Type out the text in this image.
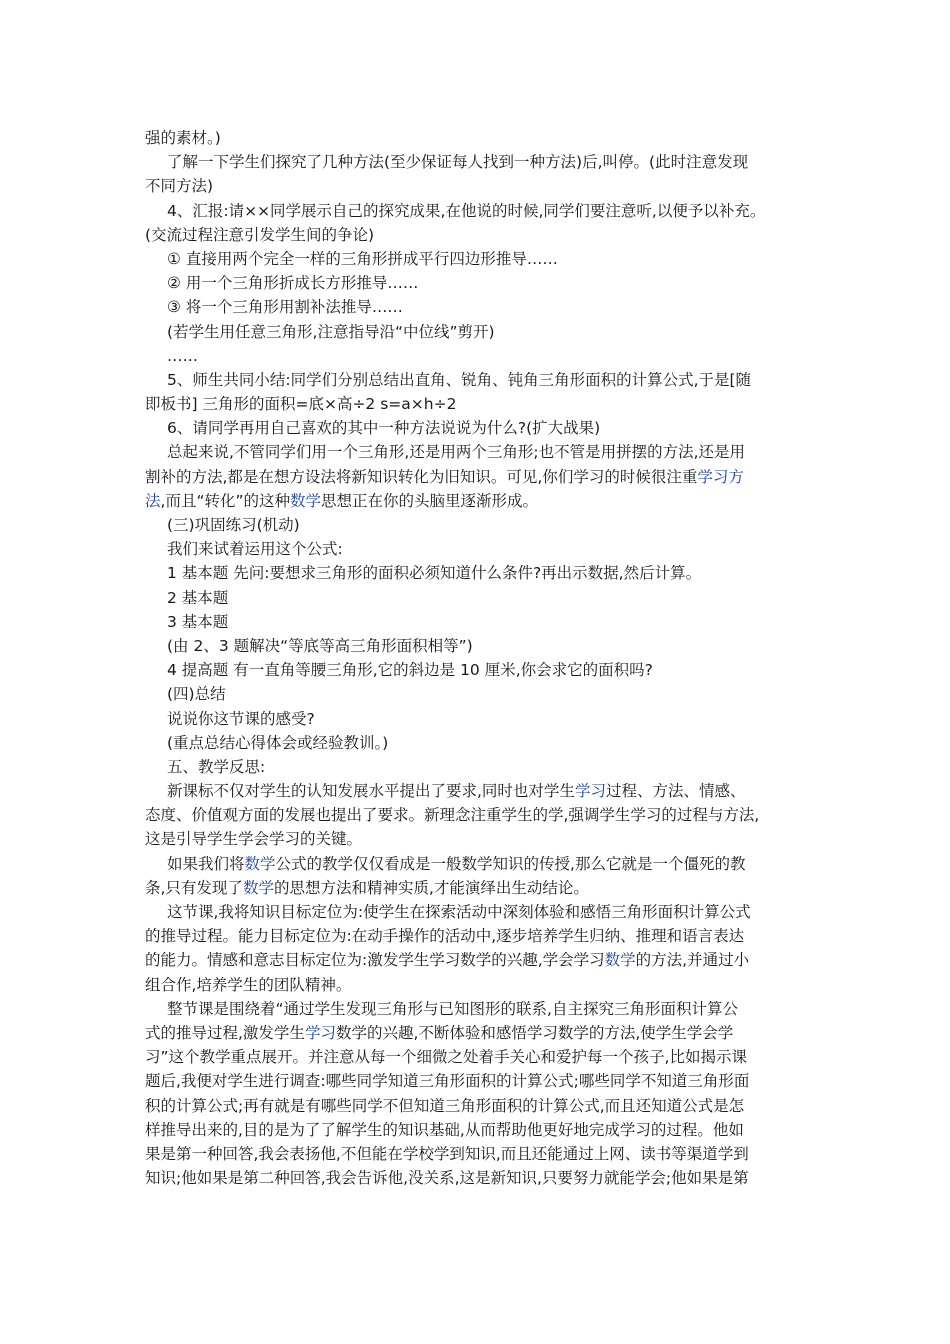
强的素材。)
了解一下学生们探究了几种方法(至少保证每人找到一种方法)后,叫停。(此时注意发现
不同方法)
4、汇报:请××同学展示自己的探究成果,在他说的时候,同学们要注意听,以便予以补充。
(交流过程注意引发学生间的争论)
① 直接用两个完全一样的三角形拼成平行四边形推导……
② 用一个三角形折成长方形推导……
③ 将一个三角形用割补法推导……
(若学生用任意三角形,注意指导沿“中位线”剪开)
……
5、师生共同小结:同学们分别总结出直角、锐角、钝角三角形面积的计算公式,于是[随
即板书] 三角形的面积=底×高÷2 s=a×h÷2
6、请同学再用自己喜欢的其中一种方法说说为什么?(扩大战果)
总起来说,不管同学们用一个三角形,还是用两个三角形;也不管是用拼摆的方法,还是用
割补的方法,都是在想方设法将新知识转化为旧知识。可见,你们学习的时候很注重学习方
法,而且“转化”的这种数学思想正在你的头脑里逐渐形成。
(三)巩固练习(机动)
我们来试着运用这个公式:
1 基本题 先问:要想求三角形的面积必须知道什么条件?再出示数据,然后计算。
2 基本题
3 基本题
(由 2、3 题解决“等底等高三角形面积相等”)
4 提高题 有一直角等腰三角形,它的斜边是 10 厘米,你会求它的面积吗?
(四)总结
说说你这节课的感受?
(重点总结心得体会或经验教训。)
五、教学反思:
新课标不仅对学生的认知发展水平提出了要求,同时也对学生学习过程、方法、情感、
态度、价值观方面的发展也提出了要求。新理念注重学生的学,强调学生学习的过程与方法,
这是引导学生学会学习的关键。
如果我们将数学公式的教学仅仅看成是一般数学知识的传授,那么它就是一个僵死的教
条,只有发现了数学的思想方法和精神实质,才能演绎出生动结论。
这节课,我将知识目标定位为:使学生在探索活动中深刻体验和感悟三角形面积计算公式
的推导过程。能力目标定位为:在动手操作的活动中,逐步培养学生归纳、推理和语言表达
的能力。情感和意志目标定位为:激发学生学习数学的兴趣,学会学习数学的方法,并通过小
组合作,培养学生的团队精神。
整节课是围绕着“通过学生发现三角形与已知图形的联系,自主探究三角形面积计算公
式的推导过程,激发学生学习数学的兴趣,不断体验和感悟学习数学的方法,使学生学会学
习”这个教学重点展开。并注意从每一个细微之处着手关心和爱护每一个孩子,比如揭示课
题后,我便对学生进行调查:哪些同学知道三角形面积的计算公式;哪些同学不知道三角形面
积的计算公式;再有就是有哪些同学不但知道三角形面积的计算公式,而且还知道公式是怎
样推导出来的,目的是为了了解学生的知识基础,从而帮助他更好地完成学习的过程。他如
果是第一种回答,我会表扬他,不但能在学校学到知识,而且还能通过上网、读书等渠道学到
知识;他如果是第二种回答,我会告诉他,没关系,这是新知识,只要努力就能学会;他如果是第
